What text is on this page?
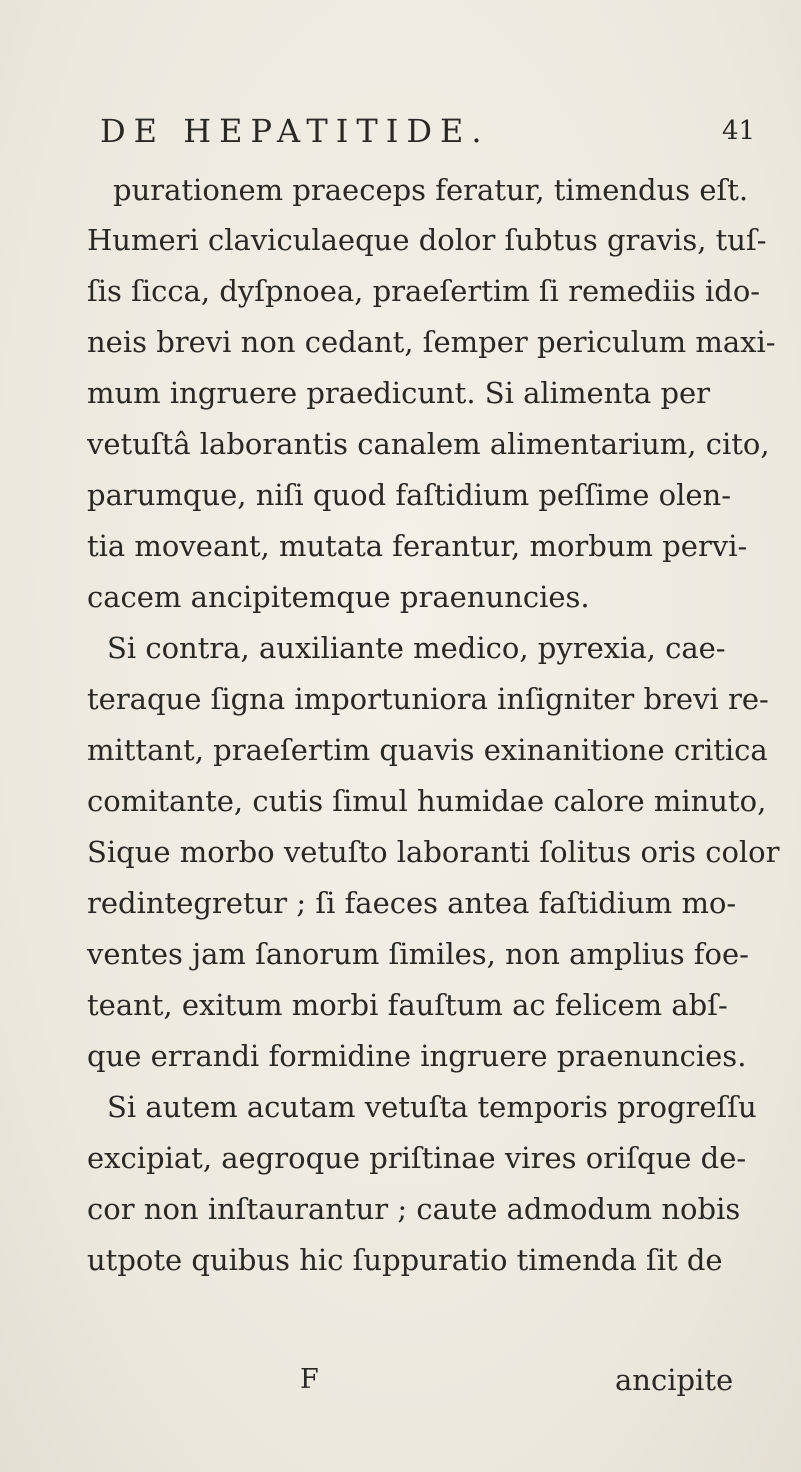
DE HEPATITIDE.	41
purationem praeceps feratur, timendus eſt.
Humeri claviculaeque dolor ſubtus gravis, tuſ-
ſis ſicca, dyſpnoea, praeſertim ſi remediis ido-
neis brevi non cedant, ſemper periculum maxi-
mum ingruere praedicunt. Si alimenta per
vetuſtâ laborantis canalem alimentarium, cito,
parumque, niſi quod faſtidium peſſime olen-
tia moveant, mutata ferantur, morbum pervi-
cacem ancipitemque praenuncies.
Si contra, auxiliante medico, pyrexia, cae-
teraque ſigna importuniora inſigniter brevi re-
mittant, praeſertim quavis exinanitione critica
comitante, cutis ſimul humidae calore minuto,
Sique morbo vetuſto laboranti ſolitus oris color
redintegretur ; ſi faeces antea faſtidium mo-
ventes jam ſanorum ſimiles, non amplius foe-
teant, exitum morbi fauſtum ac felicem abſ-
que errandi formidine ingruere praenuncies.
Si autem acutam vetuſta temporis progreſſu
excipiat, aegroque priſtinae vires oriſque de-
cor non inſtaurantur ; caute admodum nobis
utpote quibus hic ſuppuratio timenda ſit de
F	ancipite
